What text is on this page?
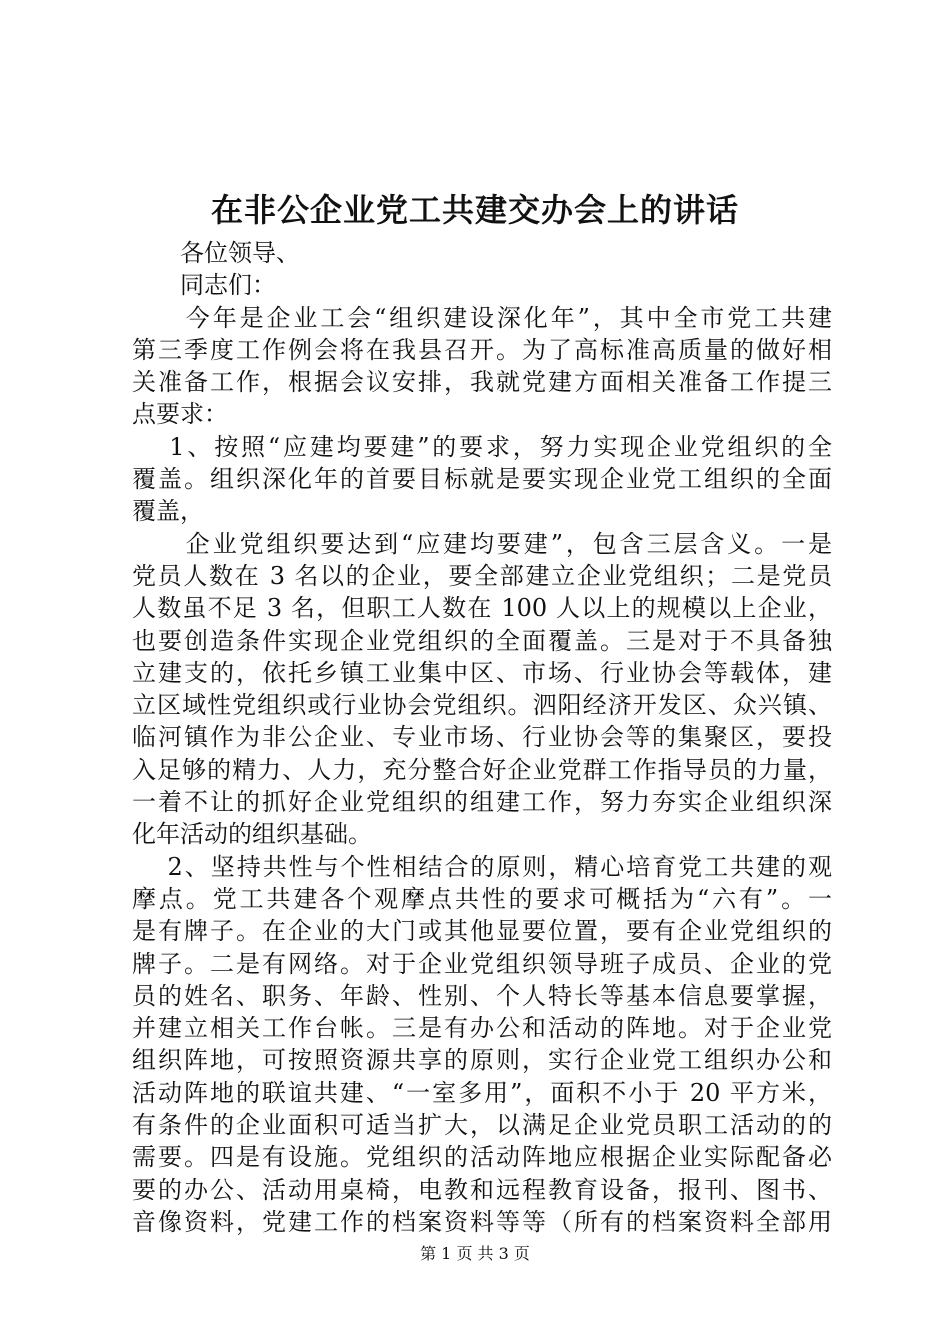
在非公企业党工共建交办会上的讲话
　　各位领导、
　　同志们：
　　今年是企业工会“组织建设深化年”，其中全市党工共建
第三季度工作例会将在我县召开。为了高标准高质量的做好相
关准备工作，根据会议安排，我就党建方面相关准备工作提三
点要求：
　 1、按照“应建均要建”的要求，努力实现企业党组织的全
覆盖。组织深化年的首要目标就是要实现企业党工组织的全面
覆盖，
　　企业党组织要达到“应建均要建”，包含三层含义。一是
党员人数在 3 名以的企业，要全部建立企业党组织；二是党员
人数虽不足 3 名，但职工人数在 100 人以上的规模以上企业，
也要创造条件实现企业党组织的全面覆盖。三是对于不具备独
立建支的，依托乡镇工业集中区、市场、行业协会等载体，建
立区域性党组织或行业协会党组织。泗阳经济开发区、众兴镇、
临河镇作为非公企业、专业市场、行业协会等的集聚区，要投
入足够的精力、人力，充分整合好企业党群工作指导员的力量，
一着不让的抓好企业党组织的组建工作，努力夯实企业组织深
化年活动的组织基础。
　 2、坚持共性与个性相结合的原则，精心培育党工共建的观
摩点。党工共建各个观摩点共性的要求可概括为“六有”。一
是有牌子。在企业的大门或其他显要位置，要有企业党组织的
牌子。二是有网络。对于企业党组织领导班子成员、企业的党
员的姓名、职务、年龄、性别、个人特长等基本信息要掌握，
并建立相关工作台帐。三是有办公和活动的阵地。对于企业党
组织阵地，可按照资源共享的原则，实行企业党工组织办公和
活动阵地的联谊共建、“一室多用”，面积不小于 20 平方米，
有条件的企业面积可适当扩大，以满足企业党员职工活动的的
需要。四是有设施。党组织的活动阵地应根据企业实际配备必
要的办公、活动用桌椅，电教和远程教育设备，报刊、图书、
音像资料，党建工作的档案资料等等（所有的档案资料全部用
第 1 页 共 3 页
